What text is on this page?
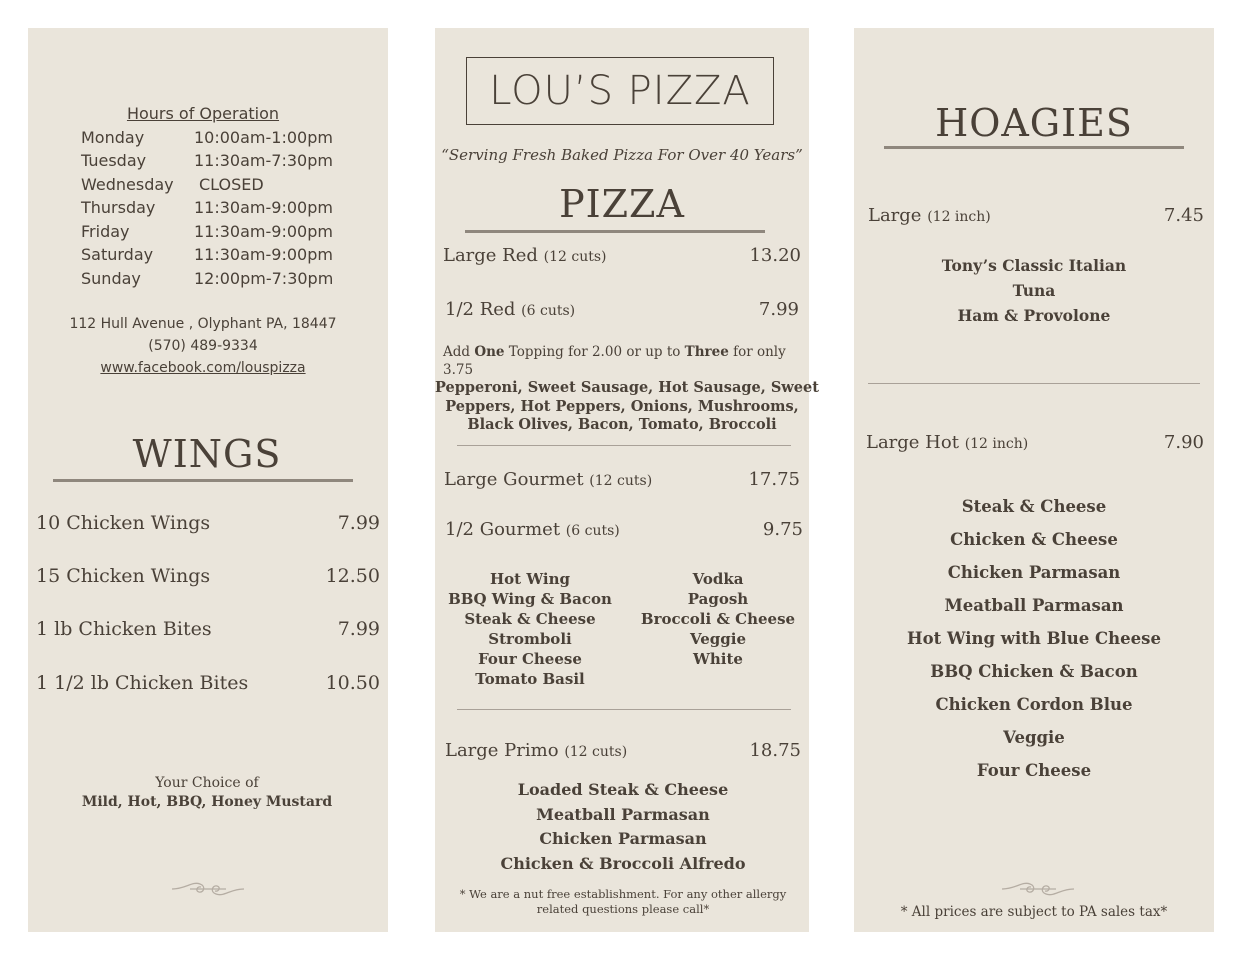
Hours of Operation
Monday	10:00am-1:00pm
Tuesday	11:30am-7:30pm
Wednesday CLOSED
Thursday 11:30am-9:00pm
Friday	11:30am-9:00pm
Saturday	11:30am-9:00pm
Sunday	12:00pm-7:30pm
112 Hull Avenue , Olyphant PA, 18447
(570) 489-9334
www.facebook.com/louspizza
WINGS
10 Chicken Wings	7.99
15 Chicken Wings	12.50
1 lb Chicken Bites	7.99
1 1/2 lb Chicken Bites	10.50
Your Choice of
Mild, Hot, BBQ, Honey Mustard
LOU’S PIZZA
“Serving Fresh Baked Pizza For Over 40 Years”
PIZZA
Large Red (12 cuts)	13.20
1/2 Red (6 cuts)	7.99
Add One Topping for 2.00 or up to Three for only 3.75
Pepperoni, Sweet Sausage, Hot Sausage, Sweet
Peppers, Hot Peppers, Onions, Mushrooms,
Black Olives, Bacon, Tomato, Broccoli
Large Gourmet (12 cuts)	17.75
1/2 Gourmet (6 cuts)	9.75
Hot Wing
BBQ Wing & Bacon
Steak & Cheese
Stromboli
Four Cheese
Tomato Basil
Vodka
Pagosh
Broccoli & Cheese
Veggie
White
Large Primo (12 cuts)	18.75
Loaded Steak & Cheese
Meatball Parmasan
Chicken Parmasan
Chicken & Broccoli Alfredo
* We are a nut free establishment. For any other allergy
related questions please call*
HOAGIES
Large (12 inch)	7.45
Tony’s Classic Italian
Tuna
Ham & Provolone
Large Hot (12 inch)	7.90
Steak & Cheese
Chicken & Cheese
Chicken Parmasan
Meatball Parmasan
Hot Wing with Blue Cheese
BBQ Chicken & Bacon
Chicken Cordon Blue
Veggie
Four Cheese
* All prices are subject to PA sales tax*
